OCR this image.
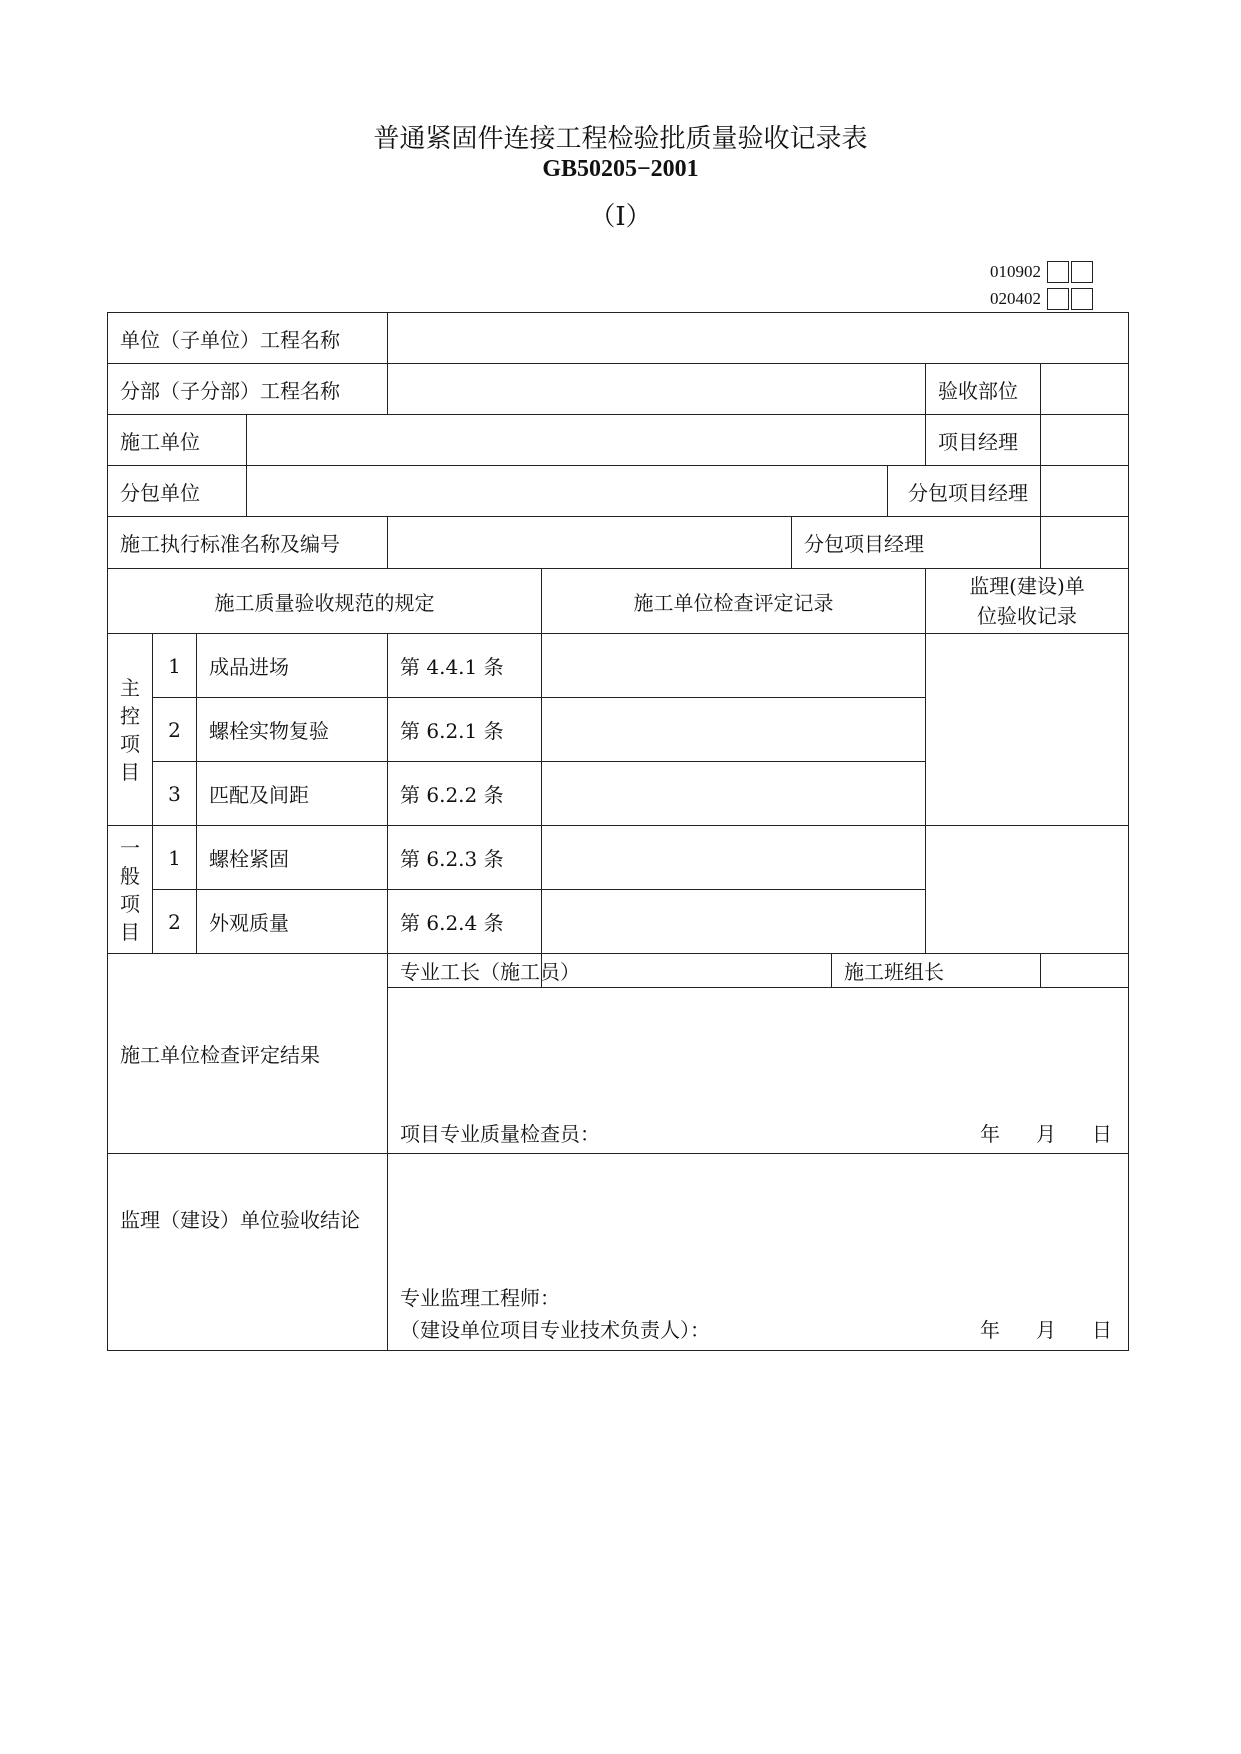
普通紧固件连接工程检验批质量验收记录表
GB50205−2001
（Ⅰ）
010902
020402
单位（子单位）工程名称										
分部（子分部）工程名称									验收部位	
施工单位									项目经理	
分包单位								分包项目经理		
施工执行标准名称及编号						分包项目经理				
施工质量验收规范的规定					施工单位检查评定记录				监理(建设)单
位验收记录	

主控项目	1	成品进场		第 4.4.1 条						
	2	螺栓实物复验		第 6.2.1 条						
	3	匹配及间距		第 6.2.2 条						
一般项目	1	螺栓紧固		第 6.2.3 条						
	2	外观质量		第 6.2.4 条						
施工单位检查评定结果				专业工长（施工员）			施工班组长			

				项目专业质量检查员： 年 月 日						

监理（建设）单位验收结论				专业监理工程师：
（建设单位项目专业技术负责人）： 年 月 日						
